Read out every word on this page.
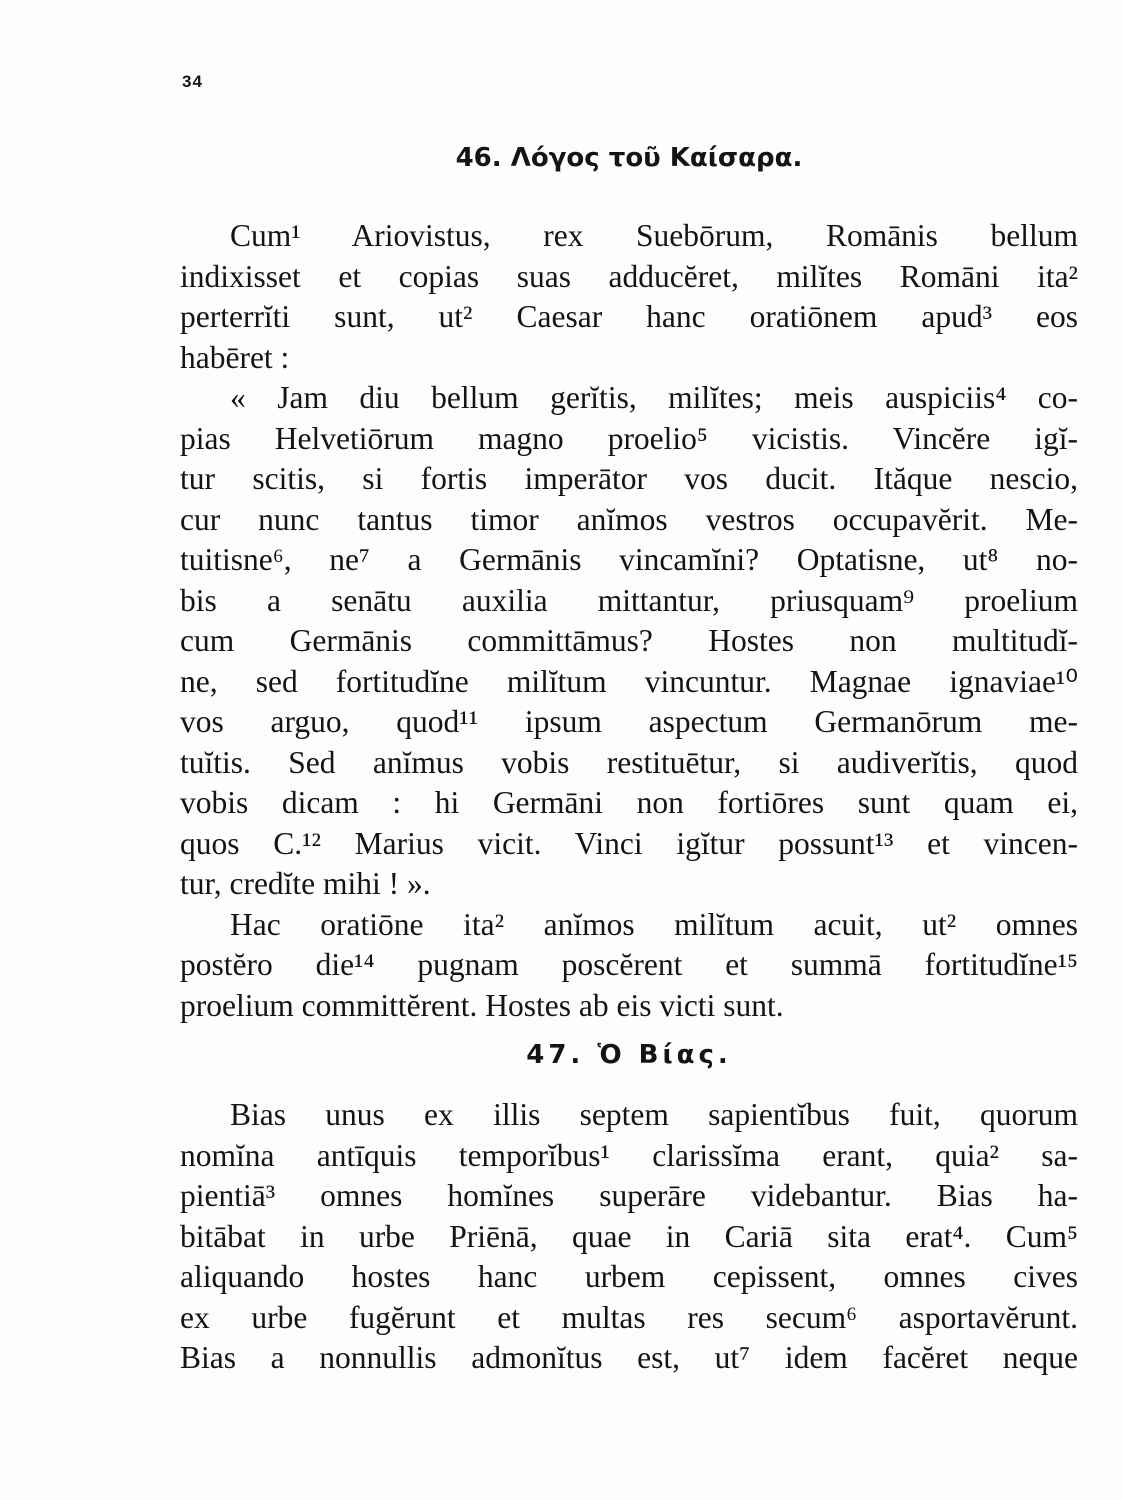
34
46. Λόγος τοῦ Καίσαρα.
Cum¹ Ariovistus, rex Suebōrum, Romānis bellum
indixisset et copias suas adducĕret, milĭtes Romāni ita²
perterrĭti sunt, ut² Caesar hanc oratiōnem apud³ eos
habēret :
« Jam diu bellum gerĭtis, milĭtes; meis auspiciis⁴ co-
pias Helvetiōrum magno proelio⁵ vicistis. Vincĕre igĭ-
tur scitis, si fortis imperātor vos ducit. Ităque nescio,
cur nunc tantus timor anĭmos vestros occupavĕrit. Me-
tuitisne⁶, ne⁷ a Germānis vincamĭni? Optatisne, ut⁸ no-
bis a senātu auxilia mittantur, priusquam⁹ proelium
cum Germānis committāmus? Hostes non multitudĭ-
ne, sed fortitudĭne milĭtum vincuntur. Magnae ignaviae¹⁰
vos arguo, quod¹¹ ipsum aspectum Germanōrum me-
tuĭtis. Sed anĭmus vobis restituētur, si audiverĭtis, quod
vobis dicam : hi Germāni non fortiōres sunt quam ei,
quos C.¹² Marius vicit. Vinci igĭtur possunt¹³ et vincen-
tur, credĭte mihi ! ».
Hac oratiōne ita² anĭmos milĭtum acuit, ut² omnes
postĕro die¹⁴ pugnam poscĕrent et summā fortitudĭne¹⁵
proelium committĕrent. Hostes ab eis victi sunt.
47. Ὁ Βίας.
Bias unus ex illis septem sapientĭbus fuit, quorum
nomĭna antīquis temporĭbus¹ clarissĭma erant, quia² sa-
pientiā³ omnes homĭnes superāre videbantur. Bias ha-
bitābat in urbe Priēnā, quae in Cariā sita erat⁴. Cum⁵
aliquando hostes hanc urbem cepissent, omnes cives
ex urbe fugĕrunt et multas res secum⁶ asportavĕrunt.
Bias a nonnullis admonĭtus est, ut⁷ idem facĕret neque
